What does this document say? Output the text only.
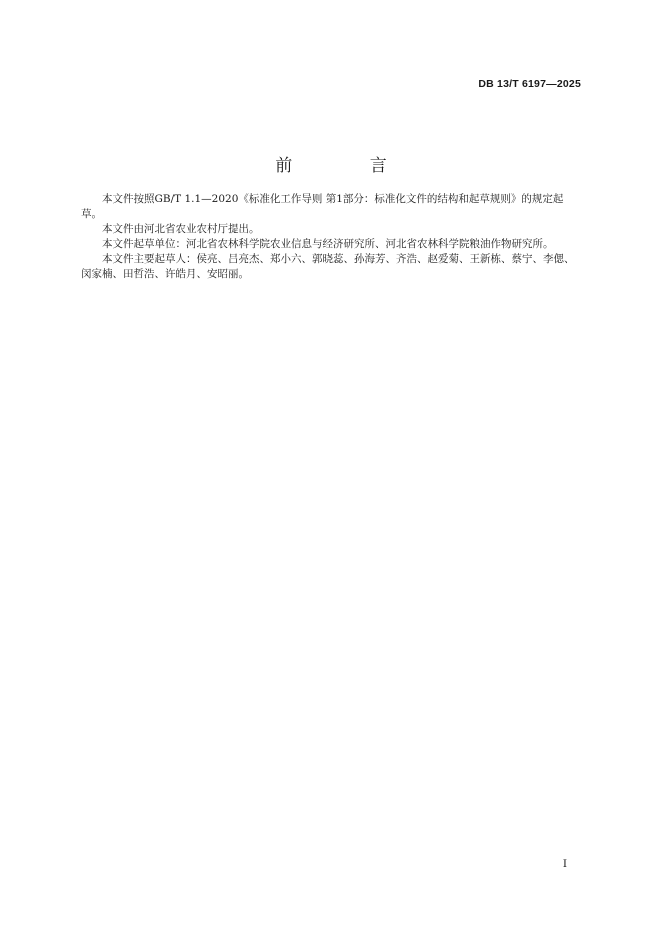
DB 13/T 6197—2025
前 言

本文件按照GB/T 1.1—2020《标准化工作导则 第1部分：标准化文件的结构和起草规则》的规定起草。

本文件由河北省农业农村厅提出。

本文件起草单位：河北省农林科学院农业信息与经济研究所、河北省农林科学院粮油作物研究所。

本文件主要起草人：侯亮、吕亮杰、郑小六、郭晓蕊、孙海芳、齐浩、赵爱菊、王新栋、蔡宁、李偲、闵家楠、田哲浩、许皓月、安昭丽。

I
